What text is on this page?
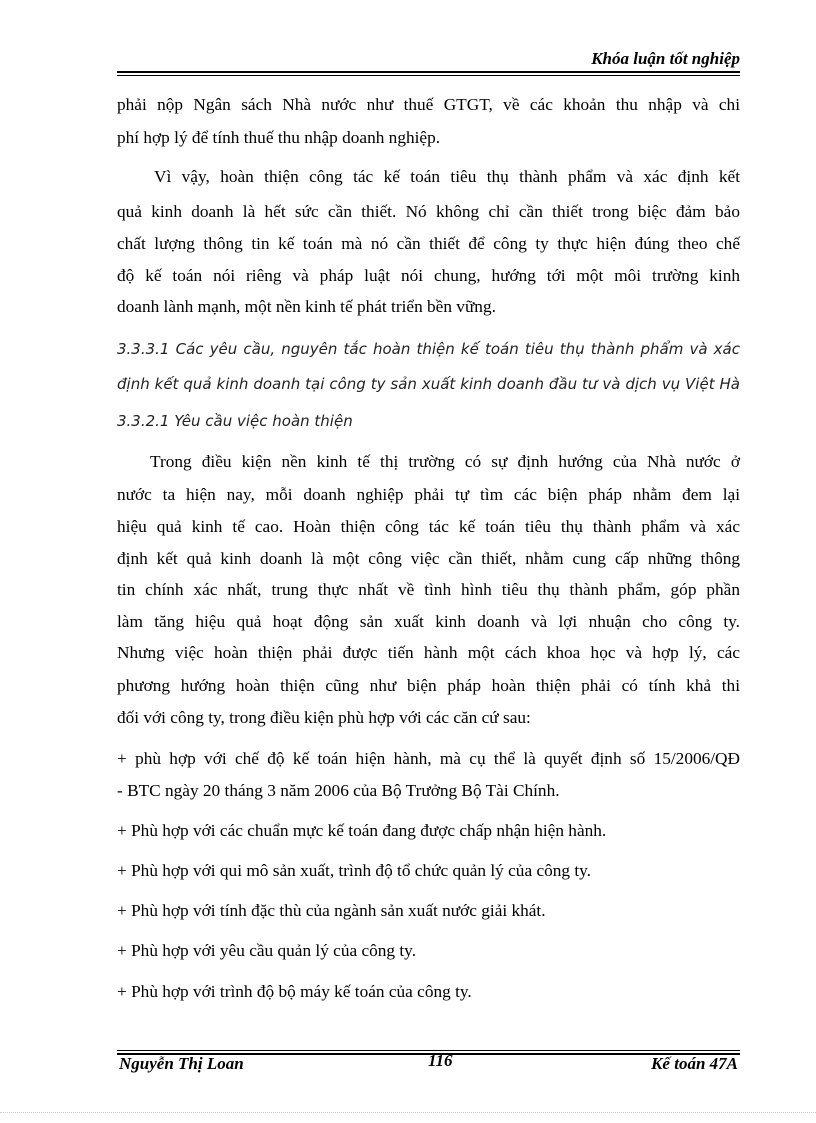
Khóa luận tốt nghiệp
phải nộp Ngân sách Nhà nước như thuế GTGT, về các khoản thu nhập và chi
phí hợp lý để tính thuế thu nhập doanh nghiệp.
Vì vậy, hoàn thiện công tác kế toán tiêu thụ thành phẩm và xác định kết
quả kinh doanh là hết sức cần thiết. Nó không chỉ cần thiết trong biệc đảm bảo
chất lượng thông tin kế toán mà nó cần thiết để công ty thực hiện đúng theo chế
độ kế toán nói riêng và pháp luật nói chung, hướng tới một môi trường kinh
doanh lành mạnh, một nền kinh tế phát triển bền vững.
3.3.3.1 Các yêu cầu, nguyên tắc hoàn thiện kế toán tiêu thụ thành phẩm và xác
định kết quả kinh doanh tại công ty sản xuất kinh doanh đầu tư và dịch vụ Việt Hà
3.3.2.1 Yêu cầu việc hoàn thiện
Trong điều kiện nền kinh tế thị trường có sự định hướng của Nhà nước ở
nước ta hiện nay, mỗi doanh nghiệp phải tự tìm các biện pháp nhằm đem lại
hiệu quả kinh tế cao. Hoàn thiện công tác kế toán tiêu thụ thành phẩm và xác
định kết quả kinh doanh là một công việc cần thiết, nhằm cung cấp những thông
tin chính xác nhất, trung thực nhất về tình hình tiêu thụ thành phẩm, góp phần
làm tăng hiệu quả hoạt động sản xuất kinh doanh và lợi nhuận cho công ty.
Nhưng việc hoàn thiện phải được tiến hành một cách khoa học và hợp lý, các
phương hướng hoàn thiện cũng như biện pháp hoàn thiện phải có tính khả thi
đối với công ty, trong điều kiện phù hợp với các căn cứ sau:
+ phù hợp với chế độ kế toán hiện hành, mà cụ thể là quyết định số 15/2006/QĐ
- BTC ngày 20 tháng 3 năm 2006 của Bộ Trưởng Bộ Tài Chính.
+ Phù hợp với các chuẩn mực kế toán đang được chấp nhận hiện hành.
+ Phù hợp với qui mô sản xuất, trình độ tổ chức quản lý của công ty.
+ Phù hợp với tính đặc thù của ngành sản xuất nước giải khát.
+ Phù hợp với yêu cầu quản lý của công ty.
+ Phù hợp với trình độ bộ máy kế toán của công ty.
Nguyễn Thị Loan	116	Kế toán 47A
